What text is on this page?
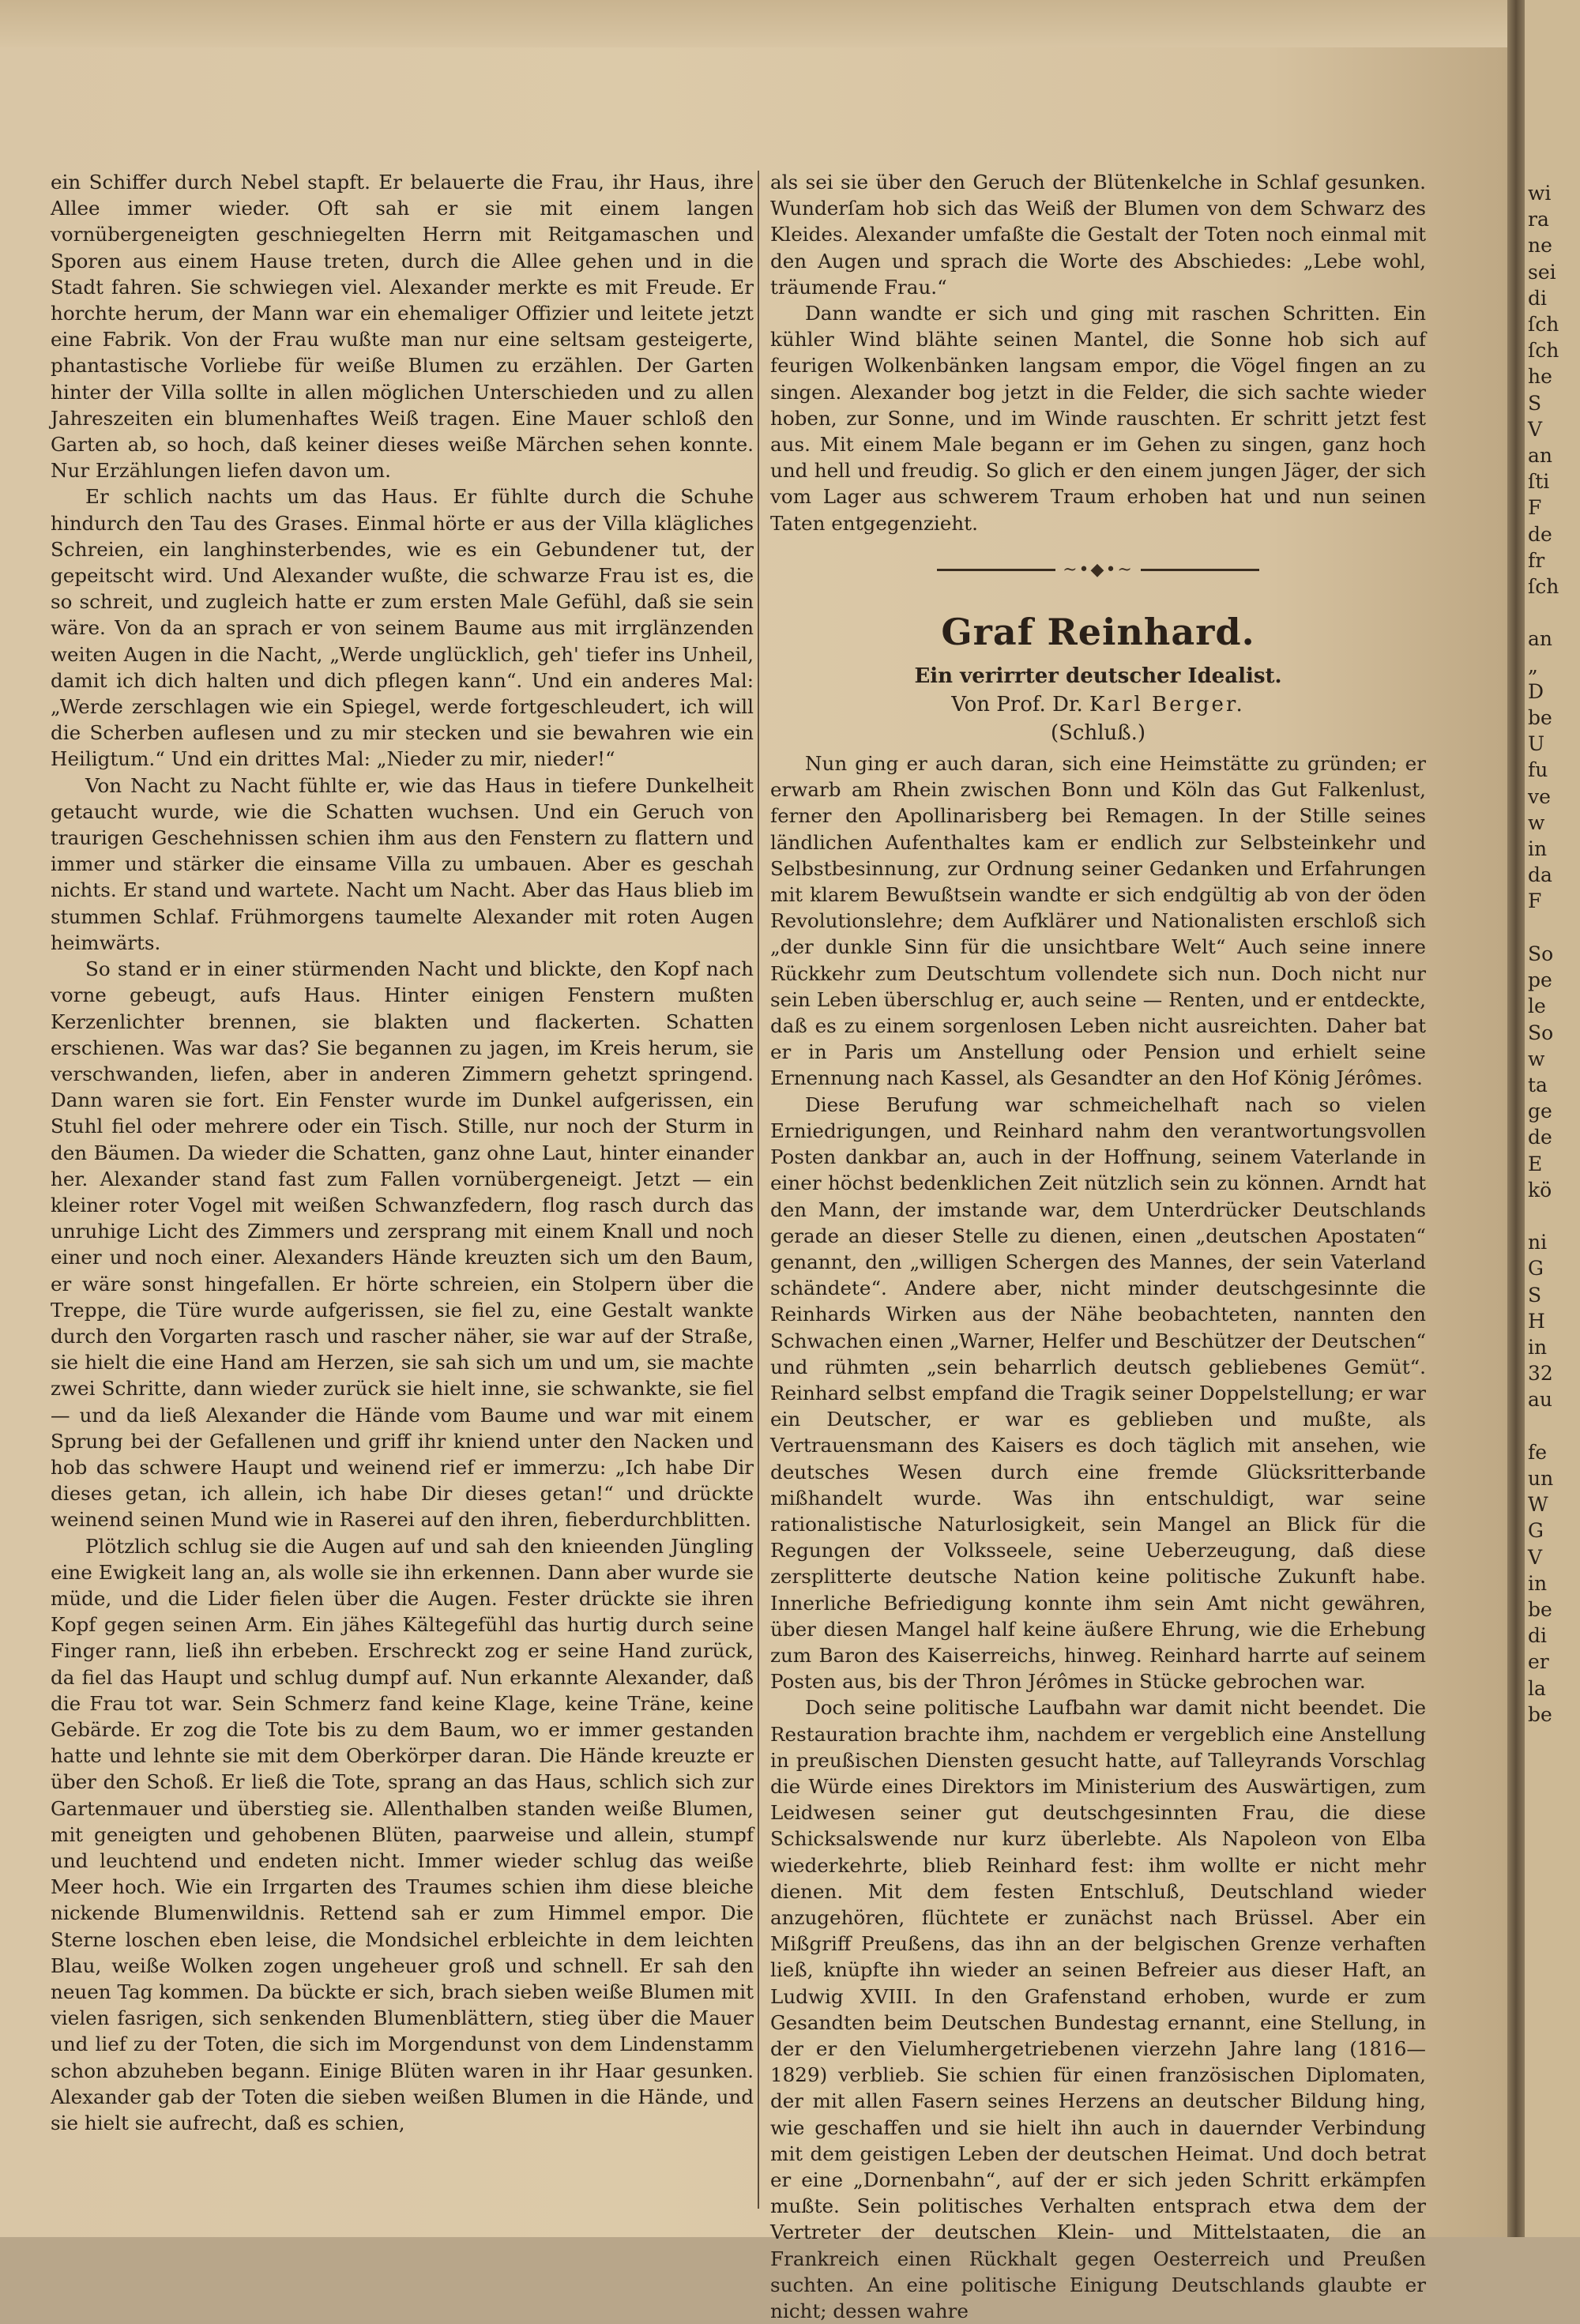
ein Schiffer durch Nebel stapft. Er belauerte die Frau, ihr Haus, ihre Allee immer wieder. Oft sah er sie mit einem langen vornübergeneigten geschniegelten Herrn mit Reitgamaschen und Sporen aus einem Hause treten, durch die Allee gehen und in die Stadt fahren. Sie schwiegen viel. Alexander merkte es mit Freude. Er horchte herum, der Mann war ein ehemaliger Offizier und leitete jetzt eine Fabrik. Von der Frau wußte man nur eine seltsam gesteigerte, phantastische Vorliebe für weiße Blumen zu erzählen. Der Garten hinter der Villa sollte in allen möglichen Unterschieden und zu allen Jahreszeiten ein blumenhaftes Weiß tragen. Eine Mauer schloß den Garten ab, so hoch, daß keiner dieses weiße Märchen sehen konnte. Nur Erzählungen liefen davon um.

Er schlich nachts um das Haus. Er fühlte durch die Schuhe hindurch den Tau des Grases. Einmal hörte er aus der Villa klägliches Schreien, ein langhinsterbendes, wie es ein Gebundener tut, der gepeitscht wird. Und Alexander wußte, die schwarze Frau ist es, die so schreit, und zugleich hatte er zum ersten Male Gefühl, daß sie sein wäre. Von da an sprach er von seinem Baume aus mit irrglänzenden weiten Augen in die Nacht, „Werde unglücklich, geh' tiefer ins Unheil, damit ich dich halten und dich pflegen kann“. Und ein anderes Mal: „Werde zerschlagen wie ein Spiegel, werde fortgeschleudert, ich will die Scherben auflesen und zu mir stecken und sie bewahren wie ein Heiligtum.“ Und ein drittes Mal: „Nieder zu mir, nieder!“

Von Nacht zu Nacht fühlte er, wie das Haus in tiefere Dunkelheit getaucht wurde, wie die Schatten wuchsen. Und ein Geruch von traurigen Geschehnissen schien ihm aus den Fenstern zu flattern und immer und stärker die einsame Villa zu umbauen. Aber es geschah nichts. Er stand und wartete. Nacht um Nacht. Aber das Haus blieb im stummen Schlaf. Frühmorgens taumelte Alexander mit roten Augen heimwärts.

So stand er in einer stürmenden Nacht und blickte, den Kopf nach vorne gebeugt, aufs Haus. Hinter einigen Fenstern mußten Kerzenlichter brennen, sie blakten und flackerten. Schatten erschienen. Was war das? Sie begannen zu jagen, im Kreis herum, sie verschwanden, liefen, aber in anderen Zimmern gehetzt springend. Dann waren sie fort. Ein Fenster wurde im Dunkel aufgerissen, ein Stuhl fiel oder mehrere oder ein Tisch. Stille, nur noch der Sturm in den Bäumen. Da wieder die Schatten, ganz ohne Laut, hinter einander her. Alexander stand fast zum Fallen vornübergeneigt. Jetzt — ein kleiner roter Vogel mit weißen Schwanzfedern, flog rasch durch das unruhige Licht des Zimmers und zersprang mit einem Knall und noch einer und noch einer. Alexanders Hände kreuzten sich um den Baum, er wäre sonst hingefallen. Er hörte schreien, ein Stolpern über die Treppe, die Türe wurde aufgerissen, sie fiel zu, eine Gestalt wankte durch den Vorgarten rasch und rascher näher, sie war auf der Straße, sie hielt die eine Hand am Herzen, sie sah sich um und um, sie machte zwei Schritte, dann wieder zurück sie hielt inne, sie schwankte, sie fiel — und da ließ Alexander die Hände vom Baume und war mit einem Sprung bei der Gefallenen und griff ihr kniend unter den Nacken und hob das schwere Haupt und weinend rief er immerzu: „Ich habe Dir dieses getan, ich allein, ich habe Dir dieses getan!“ und drückte weinend seinen Mund wie in Raserei auf den ihren, fieberdurchblitten.

Plötzlich schlug sie die Augen auf und sah den knieenden Jüngling eine Ewigkeit lang an, als wolle sie ihn erkennen. Dann aber wurde sie müde, und die Lider fielen über die Augen. Fester drückte sie ihren Kopf gegen seinen Arm. Ein jähes Kältegefühl das hurtig durch seine Finger rann, ließ ihn erbeben. Erschreckt zog er seine Hand zurück, da fiel das Haupt und schlug dumpf auf. Nun erkannte Alexander, daß die Frau tot war. Sein Schmerz fand keine Klage, keine Träne, keine Gebärde. Er zog die Tote bis zu dem Baum, wo er immer gestanden hatte und lehnte sie mit dem Oberkörper daran. Die Hände kreuzte er über den Schoß. Er ließ die Tote, sprang an das Haus, schlich sich zur Gartenmauer und überstieg sie. Allenthalben standen weiße Blumen, mit geneigten und gehobenen Blüten, paarweise und allein, stumpf und leuchtend und endeten nicht. Immer wieder schlug das weiße Meer hoch. Wie ein Irrgarten des Traumes schien ihm diese bleiche nickende Blumenwildnis. Rettend sah er zum Himmel empor. Die Sterne loschen eben leise, die Mondsichel erbleichte in dem leichten Blau, weiße Wolken zogen ungeheuer groß und schnell. Er sah den neuen Tag kommen. Da bückte er sich, brach sieben weiße Blumen mit vielen fasrigen, sich senkenden Blumenblättern, stieg über die Mauer und lief zu der Toten, die sich im Morgendunst von dem Lindenstamm schon abzuheben begann. Einige Blüten waren in ihr Haar gesunken. Alexander gab der Toten die sieben weißen Blumen in die Hände, und sie hielt sie aufrecht, daß es schien,

als sei sie über den Geruch der Blütenkelche in Schlaf gesunken. Wunderſam hob sich das Weiß der Blumen von dem Schwarz des Kleides. Alexander umfaßte die Gestalt der Toten noch einmal mit den Augen und sprach die Worte des Abschiedes: „Lebe wohl, träumende Frau.“

Dann wandte er sich und ging mit raschen Schritten. Ein kühler Wind blähte seinen Mantel, die Sonne hob sich auf feurigen Wolkenbänken langsam empor, die Vögel fingen an zu singen. Alexander bog jetzt in die Felder, die sich sachte wieder hoben, zur Sonne, und im Winde rauschten. Er schritt jetzt fest aus. Mit einem Male begann er im Gehen zu singen, ganz hoch und hell und freudig. So glich er den einem jungen Jäger, der sich vom Lager aus schwerem Traum erhoben hat und nun seinen Taten entgegenzieht.

~•◆•~
Graf Reinhard.
Ein verirrter deutscher Idealist.
Von Prof. Dr. Karl Berger.
(Schluß.)

Nun ging er auch daran, sich eine Heimstätte zu gründen; er erwarb am Rhein zwischen Bonn und Köln das Gut Falkenlust, ferner den Apollinarisberg bei Remagen. In der Stille seines ländlichen Aufenthaltes kam er endlich zur Selbsteinkehr und Selbstbesinnung, zur Ordnung seiner Gedanken und Erfahrungen mit klarem Bewußtsein wandte er sich endgültig ab von der öden Revolutionslehre; dem Aufklärer und Nationalisten erschloß sich „der dunkle Sinn für die unsichtbare Welt“ Auch seine innere Rückkehr zum Deutschtum vollendete sich nun. Doch nicht nur sein Leben überschlug er, auch seine — Renten, und er entdeckte, daß es zu einem sorgenlosen Leben nicht ausreichten. Daher bat er in Paris um Anstellung oder Pension und erhielt seine Ernennung nach Kassel, als Gesandter an den Hof König Jérômes.

Diese Berufung war schmeichelhaft nach so vielen Erniedrigungen, und Reinhard nahm den verantwortungsvollen Posten dankbar an, auch in der Hoffnung, seinem Vaterlande in einer höchst bedenklichen Zeit nützlich sein zu können. Arndt hat den Mann, der imstande war, dem Unterdrücker Deutschlands gerade an dieser Stelle zu dienen, einen „deutschen Apostaten“ genannt, den „willigen Schergen des Mannes, der sein Vaterland schändete“. Andere aber, nicht minder deutschgesinnte die Reinhards Wirken aus der Nähe beobachteten, nannten den Schwachen einen „Warner, Helfer und Beschützer der Deutschen“ und rühmten „sein beharrlich deutsch gebliebenes Gemüt“. Reinhard selbst empfand die Tragik seiner Doppelstellung; er war ein Deutscher, er war es geblieben und mußte, als Vertrauensmann des Kaisers es doch täglich mit ansehen, wie deutsches Wesen durch eine fremde Glücksritterbande mißhandelt wurde. Was ihn entschuldigt, war seine rationalistische Naturlosigkeit, sein Mangel an Blick für die Regungen der Volksseele, seine Ueberzeugung, daß diese zersplitterte deutsche Nation keine politische Zukunft habe. Innerliche Befriedigung konnte ihm sein Amt nicht gewähren, über diesen Mangel half keine äußere Ehrung, wie die Erhebung zum Baron des Kaiserreichs, hinweg. Reinhard harrte auf seinem Posten aus, bis der Thron Jérômes in Stücke gebrochen war.

Doch seine politische Laufbahn war damit nicht beendet. Die Restauration brachte ihm, nachdem er vergeblich eine Anstellung in preußischen Diensten gesucht hatte, auf Talleyrands Vorschlag die Würde eines Direktors im Ministerium des Auswärtigen, zum Leidwesen seiner gut deutschgesinnten Frau, die diese Schicksalswende nur kurz überlebte. Als Napoleon von Elba wiederkehrte, blieb Reinhard fest: ihm wollte er nicht mehr dienen. Mit dem festen Entschluß, Deutschland wieder anzugehören, flüchtete er zunächst nach Brüssel. Aber ein Mißgriff Preußens, das ihn an der belgischen Grenze verhaften ließ, knüpfte ihn wieder an seinen Befreier aus dieser Haft, an Ludwig XVIII. In den Grafenstand erhoben, wurde er zum Gesandten beim Deutschen Bundestag ernannt, eine Stellung, in der er den Vielumhergetriebenen vierzehn Jahre lang (1816—1829) verblieb. Sie schien für einen französischen Diplomaten, der mit allen Fasern seines Herzens an deutscher Bildung hing, wie geschaffen und sie hielt ihn auch in dauernder Verbindung mit dem geistigen Leben der deutschen Heimat. Und doch betrat er eine „Dornenbahn“, auf der er sich jeden Schritt erkämpfen mußte. Sein politisches Verhalten entsprach etwa dem der Vertreter der deutschen Klein- und Mittelstaaten, die an Frankreich einen Rückhalt gegen Oesterreich und Preußen suchten. An eine politische Einigung Deutschlands glaubte er nicht; dessen wahre

wi
ra
ne
sei
di
ſch
ſch
he
S
V
an
ſti
F
de
fr
ſch

an
„
D
be
U
fu
ve
w
in
da
F

So
pe
le
So
w
ta
ge
de
E
kö

ni
G
S
H
in
32
au

fe
un
W
G
V
in
be
di
er
la
be
